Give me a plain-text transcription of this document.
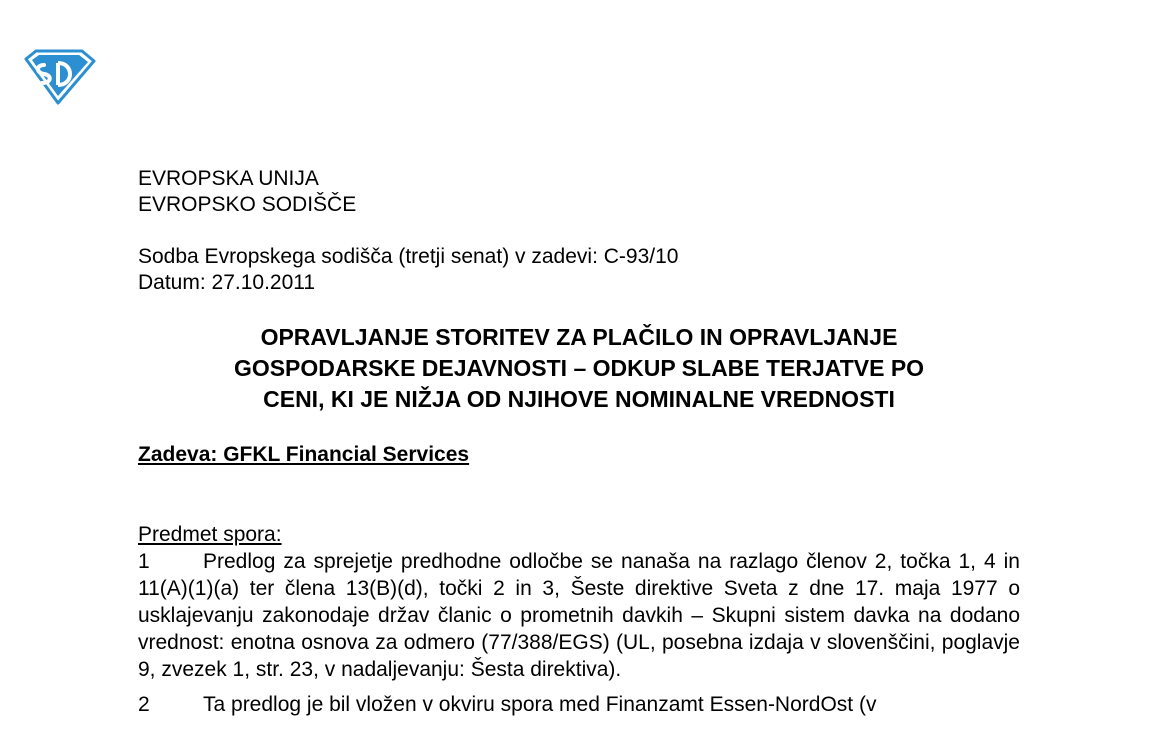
EVROPSKA UNIJA
EVROPSKO SODIŠČE
Sodba Evropskega sodišča (tretji senat) v zadevi: C-93/10
Datum: 27.10.2011
OPRAVLJANJE STORITEV ZA PLAČILO IN OPRAVLJANJE
GOSPODARSKE DEJAVNOSTI – ODKUP SLABE TERJATVE PO
CENI, KI JE NIŽJA OD NJIHOVE NOMINALNE VREDNOSTI
Zadeva: GFKL Financial Services
Predmet spora:
1	Predlog za sprejetje predhodne odločbe se nanaša na razlago členov 2, točka 1, 4 in 11(A)(1)(a) ter člena 13(B)(d), točki 2 in 3, Šeste direktive Sveta z dne 17. maja 1977 o usklajevanju zakonodaje držav članic o prometnih davkih – Skupni sistem davka na dodano vrednost: enotna osnova za odmero (77/388/EGS) (UL, posebna izdaja v slovenščini, poglavje 9, zvezek 1, str. 23, v nadaljevanju: Šesta direktiva).
2	Ta predlog je bil vložen v okviru spora med Finanzamt Essen-NordOst (v
